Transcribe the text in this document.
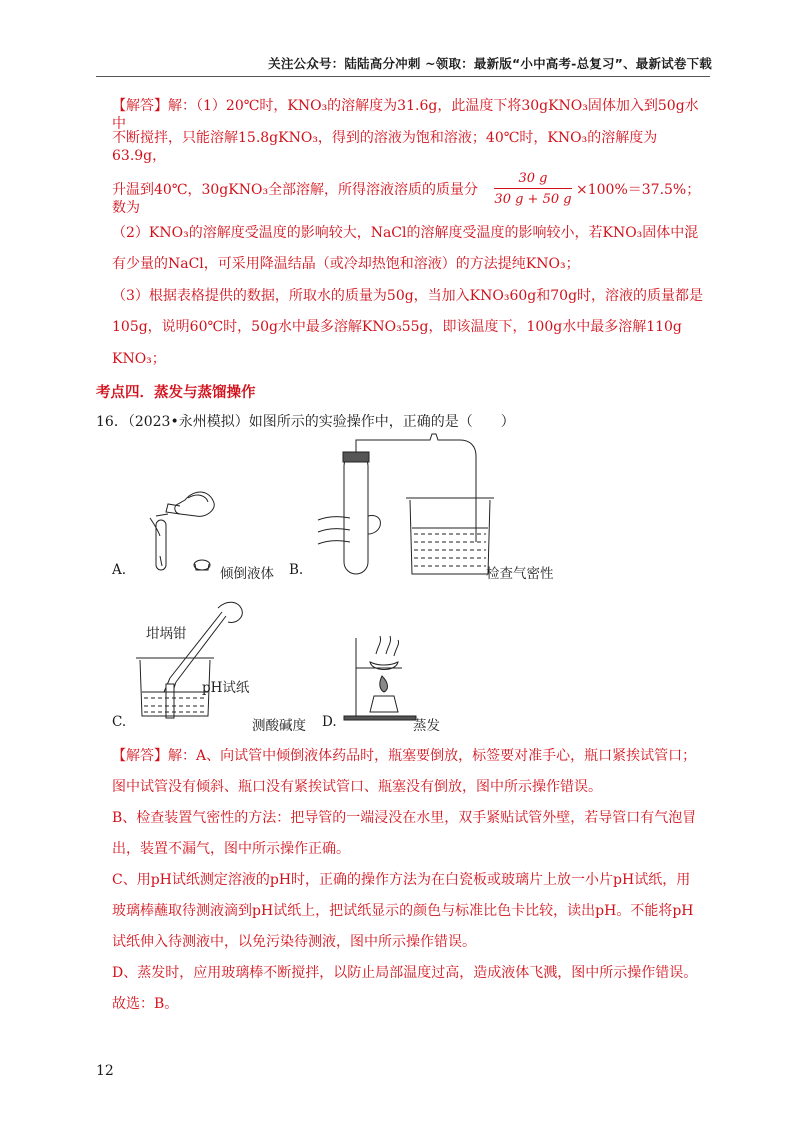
关注公众号：陆陆高分冲刺 ~领取：最新版“小中高考-总复习”、最新试卷下载
【解答】解：（1）20℃时，KNO₃的溶解度为31.6g，此温度下将30gKNO₃固体加入到50g水中
不断搅拌，只能溶解15.8gKNO₃，得到的溶液为饱和溶液；40℃时，KNO₃的溶解度为63.9g，
升温到40℃，30gKNO₃全部溶解，所得溶液溶质的质量分数为
30 g
30 g + 50 g
×100%＝37.5%；
（2）KNO₃的溶解度受温度的影响较大，NaCl的溶解度受温度的影响较小，若KNO₃固体中混
有少量的NaCl，可采用降温结晶（或冷却热饱和溶液）的方法提纯KNO₃；
（3）根据表格提供的数据，所取水的质量为50g，当加入KNO₃60g和70g时，溶液的质量都是
105g，说明60℃时，50g水中最多溶解KNO₃55g，即该温度下，100g水中最多溶解110g
KNO₃；
考点四．蒸发与蒸馏操作
16．（2023•永州模拟）如图所示的实验操作中，正确的是（　　）
A.	倾倒液体 B.	检查气密性
坩埚钳
pH试纸
C.	测酸碱度 D.	蒸发
【解答】解：A、向试管中倾倒液体药品时，瓶塞要倒放，标签要对准手心，瓶口紧挨试管口；
图中试管没有倾斜、瓶口没有紧挨试管口、瓶塞没有倒放，图中所示操作错误。
B、检查装置气密性的方法：把导管的一端浸没在水里，双手紧贴试管外壁，若导管口有气泡冒
出，装置不漏气，图中所示操作正确。
C、用pH试纸测定溶液的pH时，正确的操作方法为在白瓷板或玻璃片上放一小片pH试纸，用
玻璃棒蘸取待测液滴到pH试纸上，把试纸显示的颜色与标准比色卡比较，读出pH。不能将pH
试纸伸入待测液中，以免污染待测液，图中所示操作错误。
D、蒸发时，应用玻璃棒不断搅拌，以防止局部温度过高，造成液体飞溅，图中所示操作错误。
故选：B。
12
